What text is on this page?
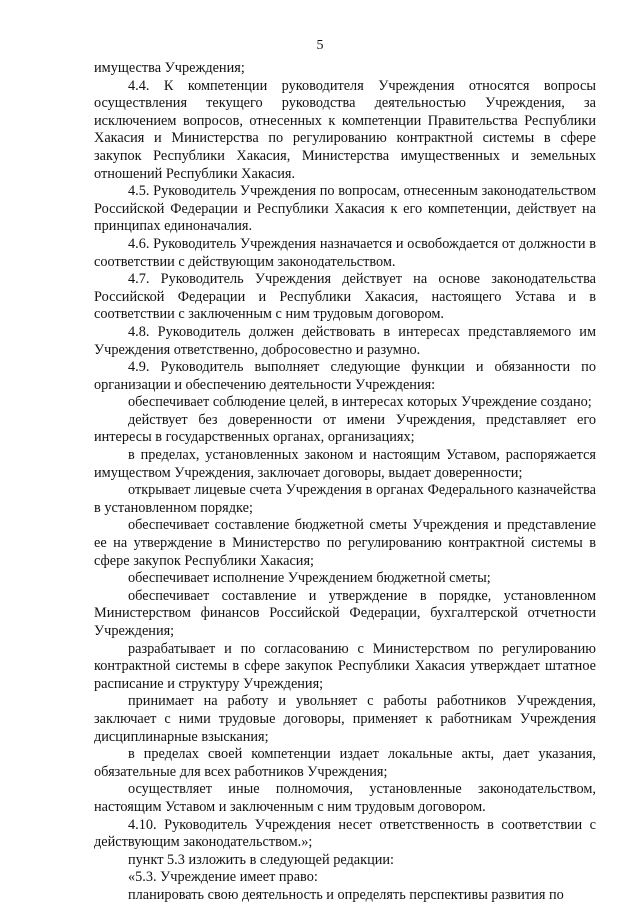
5

имущества Учреждения;

4.4. К компетенции руководителя Учреждения относятся вопросы осуществления текущего руководства деятельностью Учреждения, за исключением вопросов, отнесенных к компетенции Правительства Республики Хакасия и Министерства по регулированию контрактной системы в сфере закупок Республики Хакасия, Министерства имущественных и земельных отношений Республики Хакасия.

4.5. Руководитель Учреждения по вопросам, отнесенным законодательством Российской Федерации и Республики Хакасия к его компетенции, действует на принципах единоначалия.

4.6. Руководитель Учреждения назначается и освобождается от должности в соответствии с действующим законодательством.

4.7. Руководитель Учреждения действует на основе законодательства Российской Федерации и Республики Хакасия, настоящего Устава и в соответствии с заключенным с ним трудовым договором.

4.8. Руководитель должен действовать в интересах представляемого им Учреждения ответственно, добросовестно и разумно.

4.9. Руководитель выполняет следующие функции и обязанности по организации и обеспечению деятельности Учреждения:

обеспечивает соблюдение целей, в интересах которых Учреждение создано;

действует без доверенности от имени Учреждения, представляет его интересы в государственных органах, организациях;

в пределах, установленных законом и настоящим Уставом, распоряжается имуществом Учреждения, заключает договоры, выдает доверенности;

открывает лицевые счета Учреждения в органах Федерального казначейства в установленном порядке;

обеспечивает составление бюджетной сметы Учреждения и представление ее на утверждение в Министерство по регулированию контрактной системы в сфере закупок Республики Хакасия;

обеспечивает исполнение Учреждением бюджетной сметы;

обеспечивает составление и утверждение в порядке, установленном Министерством финансов Российской Федерации, бухгалтерской отчетности Учреждения;

разрабатывает и по согласованию с Министерством по регулированию контрактной системы в сфере закупок Республики Хакасия утверждает штатное расписание и структуру Учреждения;

принимает на работу и увольняет с работы работников Учреждения, заключает с ними трудовые договоры, применяет к работникам Учреждения дисциплинарные взыскания;

в пределах своей компетенции издает локальные акты, дает указания, обязательные для всех работников Учреждения;

осуществляет иные полномочия, установленные законодательством, настоящим Уставом и заключенным с ним трудовым договором.

4.10. Руководитель Учреждения несет ответственность в соответствии с действующим законодательством.»;

пункт 5.3 изложить в следующей редакции:

«5.3. Учреждение имеет право:

планировать свою деятельность и определять перспективы развития по
